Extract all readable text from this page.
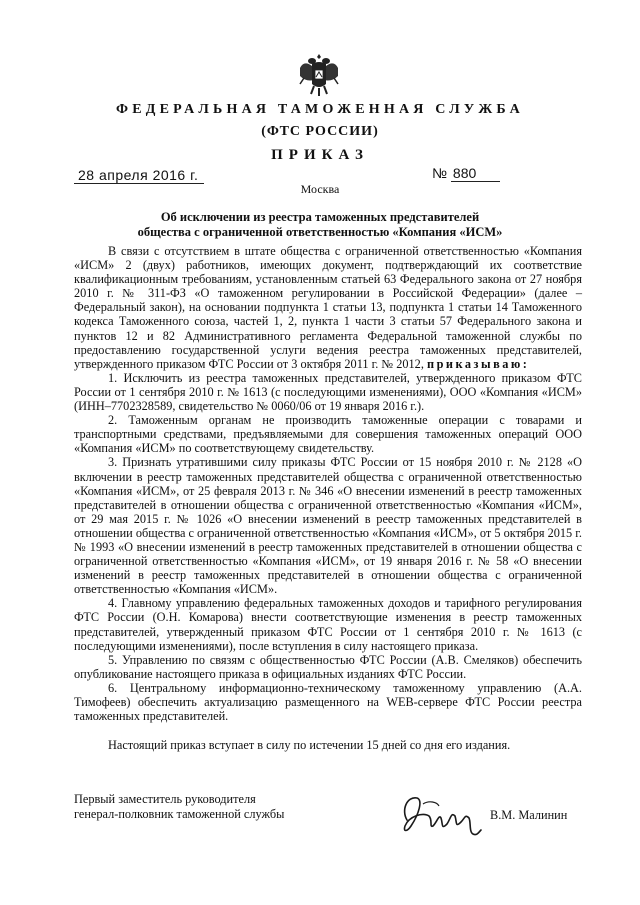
ФЕДЕРАЛЬНАЯ ТАМОЖЕННАЯ СЛУЖБА
(ФТС РОССИИ)
ПРИКАЗ
28 апреля 2016 г.	№ 880
Москва
Об исключении из реестра таможенных представителей
общества с ограниченной ответственностью «Компания «ИСМ»

В связи с отсутствием в штате общества с ограниченной ответственностью «Компания «ИСМ» 2 (двух) работников, имеющих документ, подтверждающий их соответствие квалификационным требованиям, установленным статьей 63 Федерального закона от 27 ноября 2010 г. № 311-ФЗ «О таможенном регулировании в Российской Федерации» (далее – Федеральный закон), на основании подпункта 1 статьи 13, подпункта 1 статьи 14 Таможенного кодекса Таможенного союза, частей 1, 2, пункта 1 части 3 статьи 57 Федерального закона и пунктов 12 и 82 Административного регламента Федеральной таможенной службы по предоставлению государственной услуги ведения реестра таможенных представителей, утвержденного приказом ФТС России от 3 октября 2011 г. № 2012, приказываю:

1. Исключить из реестра таможенных представителей, утвержденного приказом ФТС России от 1 сентября 2010 г. № 1613 (с последующими изменениями), ООО «Компания «ИСМ» (ИНН–7702328589, свидетельство № 0060/06 от 19 января 2016 г.).

2. Таможенным органам не производить таможенные операции с товарами и транспортными средствами, предъявляемыми для совершения таможенных операций ООО «Компания «ИСМ» по соответствующему свидетельству.

3. Признать утратившими силу приказы ФТС России от 15 ноября 2010 г. № 2128 «О включении в реестр таможенных представителей общества с ограниченной ответственностью «Компания «ИСМ», от 25 февраля 2013 г. № 346 «О внесении изменений в реестр таможенных представителей в отношении общества с ограниченной ответственностью «Компания «ИСМ», от 29 мая 2015 г. № 1026 «О внесении изменений в реестр таможенных представителей в отношении общества с ограниченной ответственностью «Компания «ИСМ», от 5 октября 2015 г. № 1993 «О внесении изменений в реестр таможенных представителей в отношении общества с ограниченной ответственностью «Компания «ИСМ», от 19 января 2016 г. № 58 «О внесении изменений в реестр таможенных представителей в отношении общества с ограниченной ответственностью «Компания «ИСМ».

4. Главному управлению федеральных таможенных доходов и тарифного регулирования ФТС России (О.Н. Комарова) внести соответствующие изменения в реестр таможенных представителей, утвержденный приказом ФТС России от 1 сентября 2010 г. № 1613 (с последующими изменениями), после вступления в силу настоящего приказа.

5. Управлению по связям с общественностью ФТС России (А.В. Смеляков) обеспечить опубликование настоящего приказа в официальных изданиях ФТС России.

6. Центральному информационно-техническому таможенному управлению (А.А. Тимофеев) обеспечить актуализацию размещенного на WEB-сервере ФТС России реестра таможенных представителей.

Настоящий приказ вступает в силу по истечении 15 дней со дня его издания.

Первый заместитель руководителя
генерал-полковник таможенной службы	В.М. Малинин
